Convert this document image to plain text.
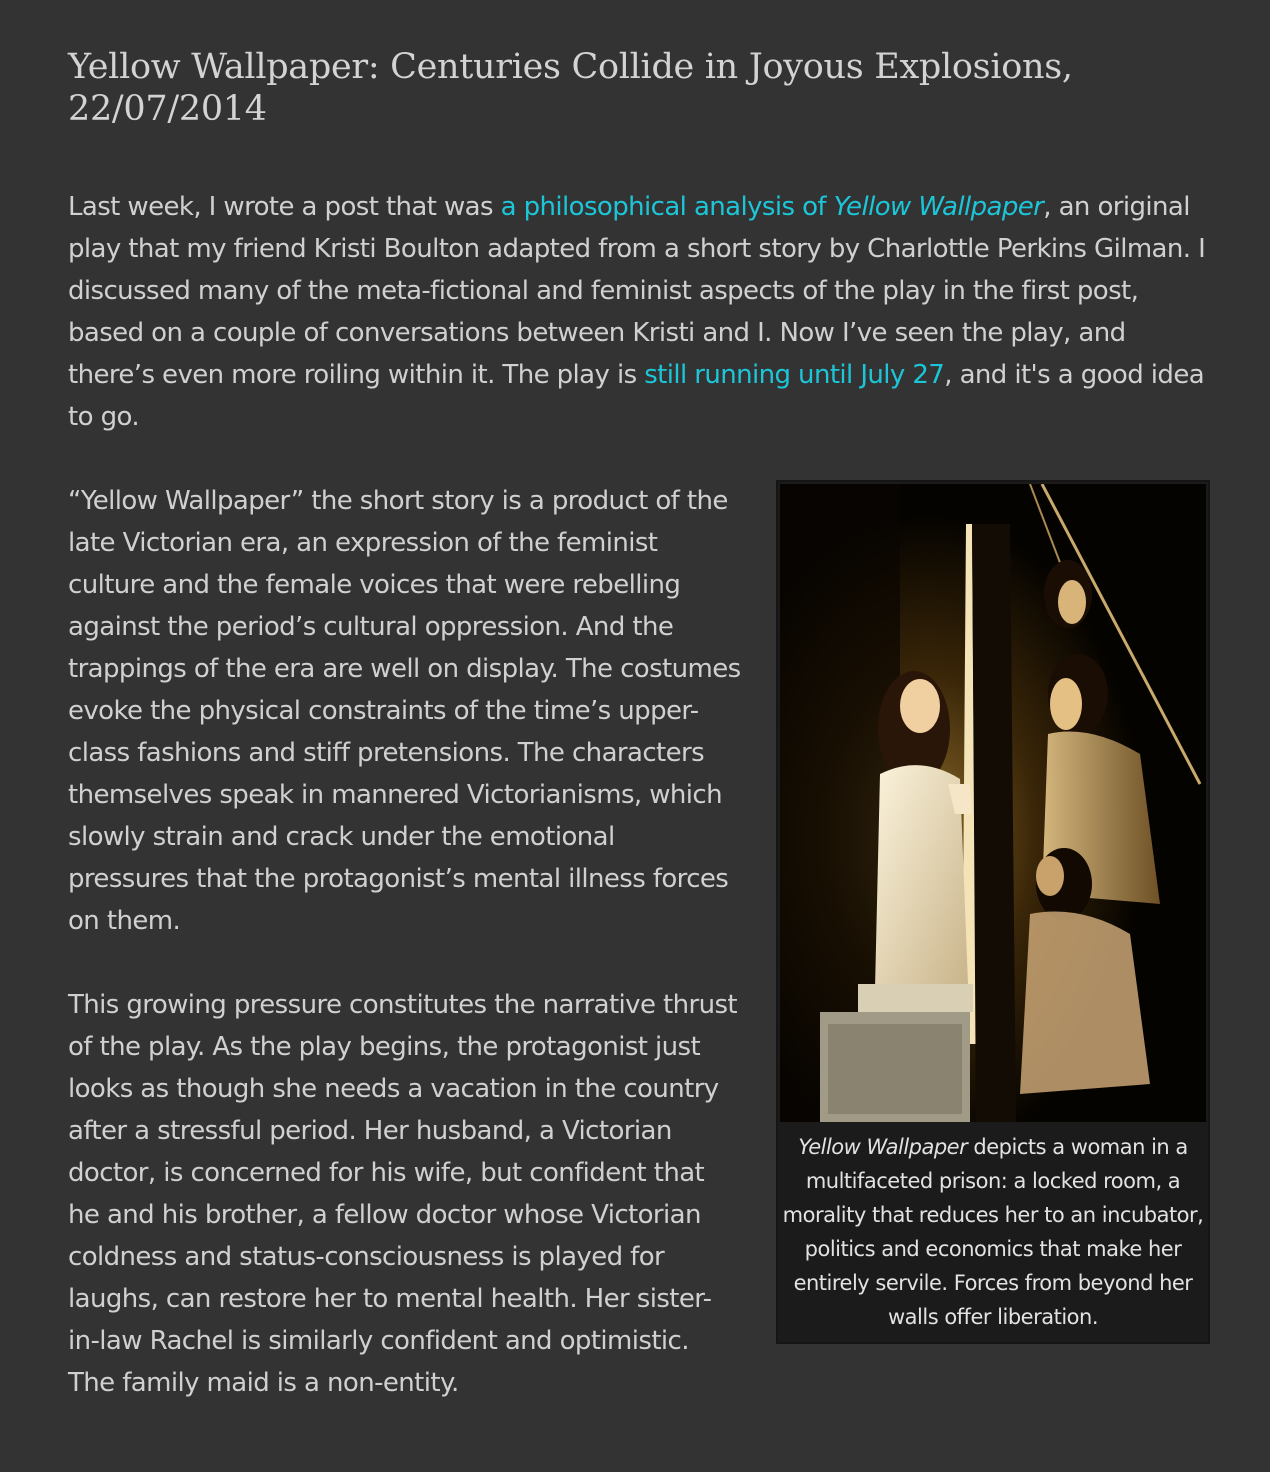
Yellow Wallpaper: Centuries Collide in Joyous Explosions, 22/07/2014

Last week, I wrote a post that was a philosophical analysis of Yellow Wallpaper, an original play that my friend Kristi Boulton adapted from a short story by Charlottle Perkins Gilman. I discussed many of the meta-fictional and feminist aspects of the play in the first post, based on a couple of conversations between Kristi and I. Now I’ve seen the play, and there’s even more roiling within it. The play is still running until July 27, and it's a good idea to go.

Yellow Wallpaper depicts a woman in a multifaceted prison: a locked room, a morality that reduces her to an incubator, politics and economics that make her entirely servile. Forces from beyond her walls offer liberation.

“Yellow Wallpaper” the short story is a product of the late Victorian era, an expression of the feminist culture and the female voices that were rebelling against the period’s cultural oppression. And the trappings of the era are well on display. The costumes evoke the physical constraints of the time’s upper-class fashions and stiff pretensions. The characters themselves speak in mannered Victorianisms, which slowly strain and crack under the emotional pressures that the protagonist’s mental illness forces on them.

This growing pressure constitutes the narrative thrust of the play. As the play begins, the protagonist just looks as though she needs a vacation in the country after a stressful period. Her husband, a Victorian doctor, is concerned for his wife, but confident that he and his brother, a fellow doctor whose Victorian coldness and status-consciousness is played for laughs, can restore her to mental health. Her sister-in-law Rachel is similarly confident and optimistic. The family maid is a non-entity.
